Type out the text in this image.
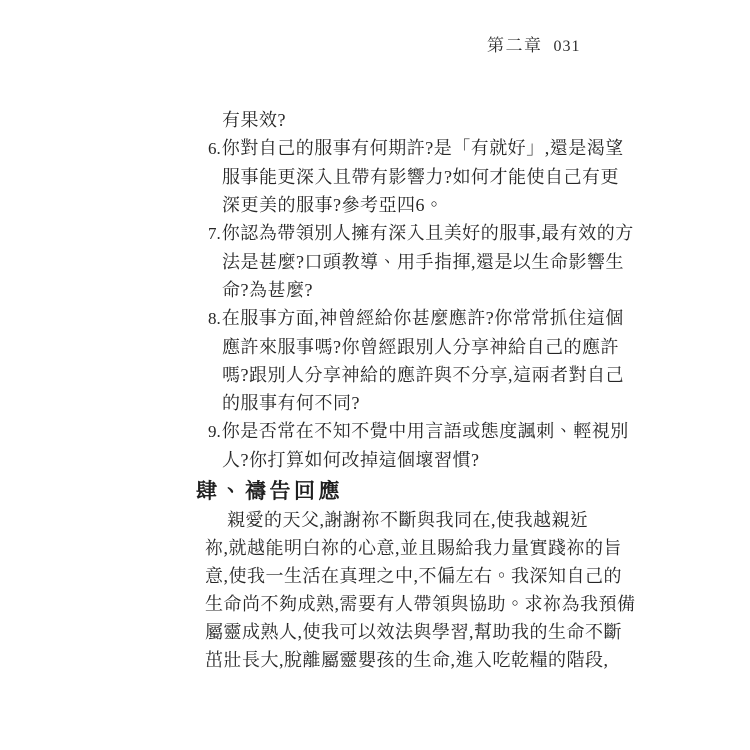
第二章 031
有果效?
6.你對自己的服事有何期許?是「有就好」,還是渴望
服事能更深入且帶有影響力?如何才能使自己有更
深更美的服事?參考亞四6。
7.你認為帶領別人擁有深入且美好的服事,最有效的方
法是甚麼?口頭教導、用手指揮,還是以生命影響生
命?為甚麼?
8.在服事方面,神曾經給你甚麼應許?你常常抓住這個
應許來服事嗎?你曾經跟別人分享神給自己的應許
嗎?跟別人分享神給的應許與不分享,這兩者對自己
的服事有何不同?
9.你是否常在不知不覺中用言語或態度諷刺、輕視別
人?你打算如何改掉這個壞習慣?
肆、禱告回應
親愛的天父,謝謝祢不斷與我同在,使我越親近
祢,就越能明白祢的心意,並且賜給我力量實踐祢的旨
意,使我一生活在真理之中,不偏左右。我深知自己的
生命尚不夠成熟,需要有人帶領與協助。求祢為我預備
屬靈成熟人,使我可以效法與學習,幫助我的生命不斷
茁壯長大,脫離屬靈嬰孩的生命,進入吃乾糧的階段,
